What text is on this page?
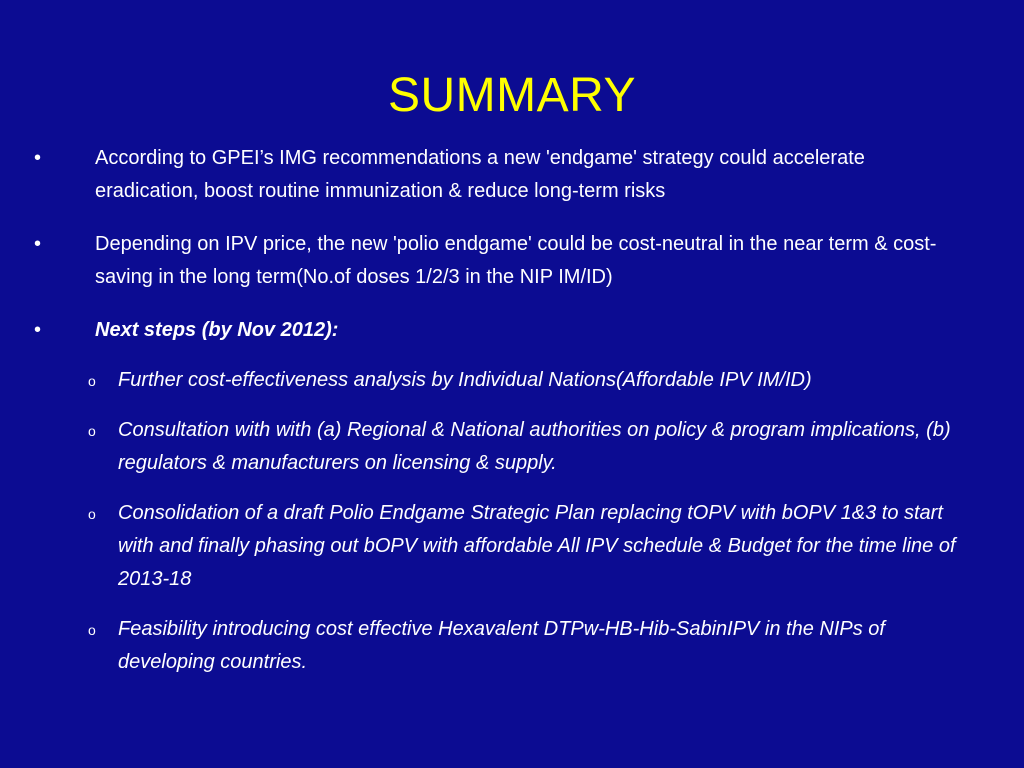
SUMMARY
•	According to GPEI’s IMG recommendations a new 'endgame' strategy could accelerate eradication, boost routine immunization & reduce long-term risks
•	Depending on IPV price, the new 'polio endgame' could be cost-neutral in the near term & cost-saving in the long term(No.of doses 1/2/3 in the NIP IM/ID)
•	Next steps (by Nov 2012):
o Further cost-effectiveness analysis by Individual Nations(Affordable IPV IM/ID)
o Consultation with with (a) Regional & National authorities on policy & program implications, (b) regulators & manufacturers on licensing & supply.
o Consolidation of a draft Polio Endgame Strategic Plan replacing tOPV with bOPV 1&3 to start with and finally phasing out bOPV with affordable All IPV schedule & Budget for the time line of 2013-18
o Feasibility introducing cost effective Hexavalent DTPw-HB-Hib-SabinIPV in the NIPs of developing countries.
